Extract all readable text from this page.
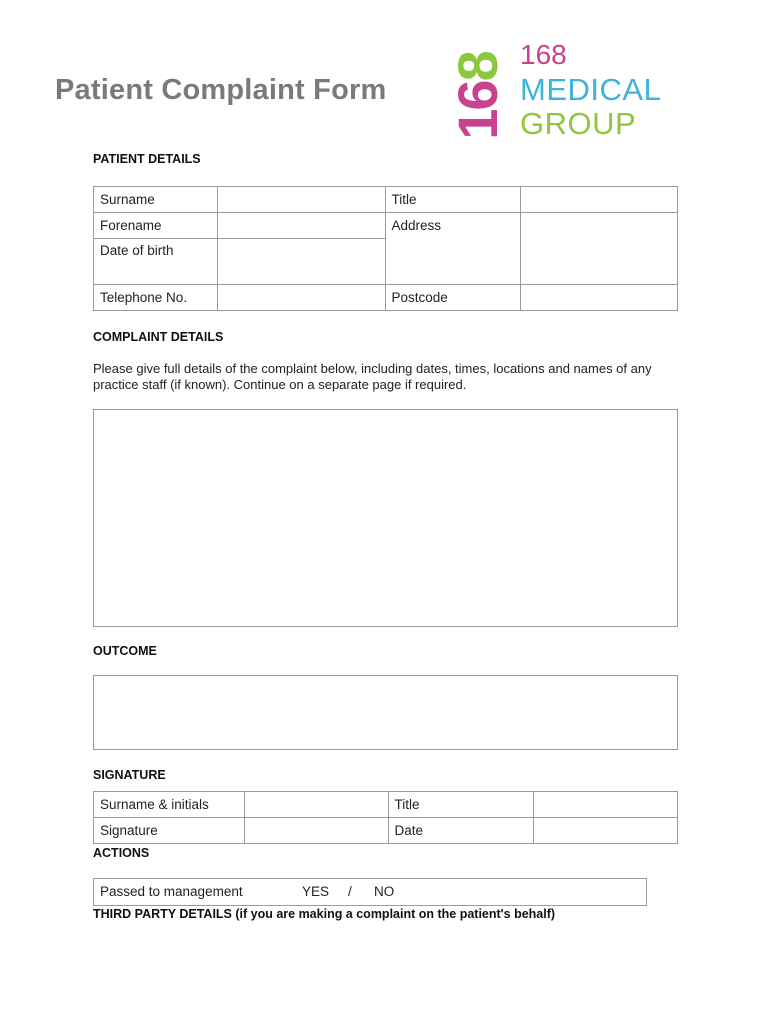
Patient Complaint Form
168 168
MEDICAL
GROUP
PATIENT DETAILS
Surname		Title	
Forename		Address	
Date of birth			
Telephone No.		Postcode	
COMPLAINT DETAILS
Please give full details of the complaint below, including dates, times, locations and names of any practice staff (if known). Continue on a separate page if required.
OUTCOME
SIGNATURE
Surname & initials		Title	
Signature		Date	
ACTIONS
Passed to management	YES / NO
THIRD PARTY DETAILS (if you are making a complaint on the patient's behalf)
